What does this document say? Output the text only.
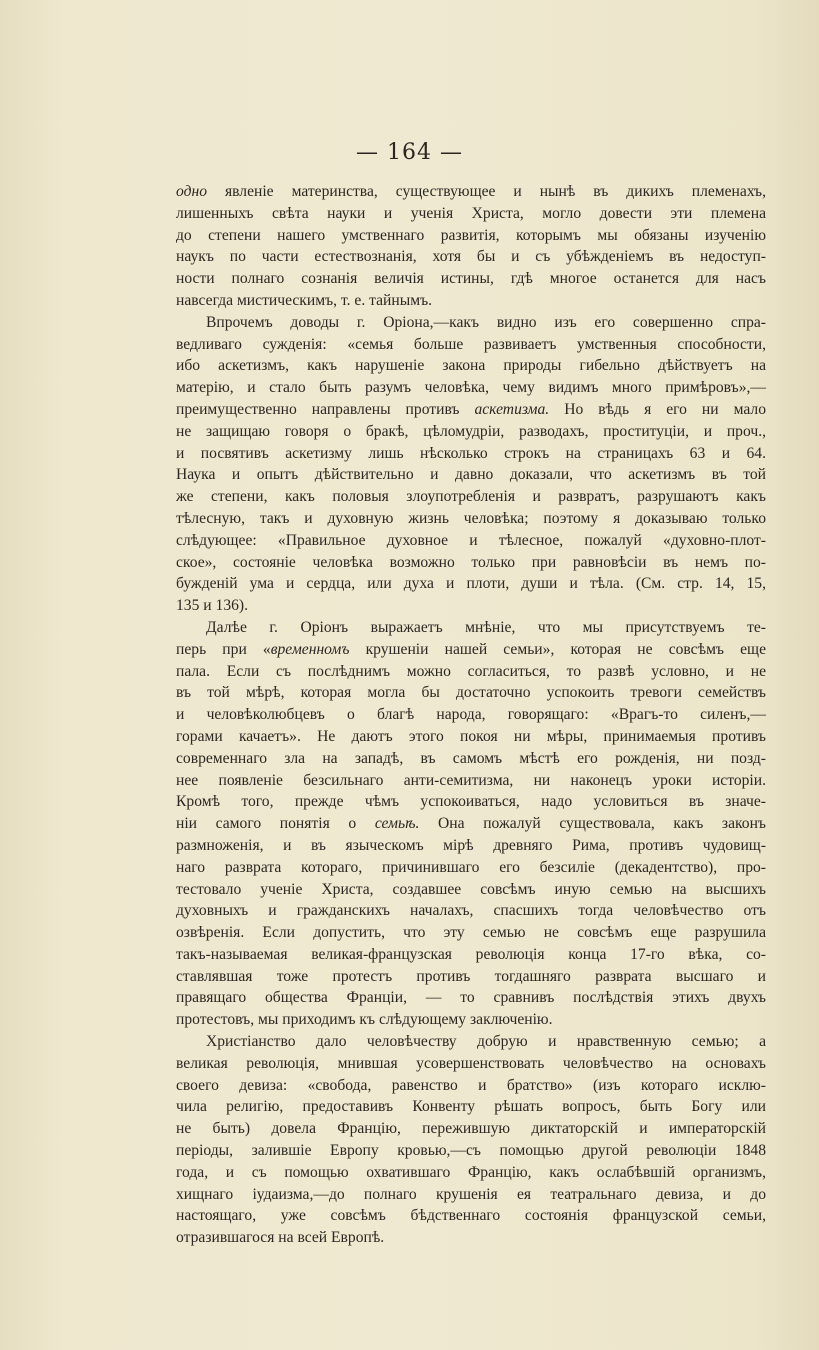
— 164 —
одно явленіе материнства, существующее и нынѣ въ дикихъ племенахъ,
лишенныхъ свѣта науки и ученія Христа, могло довести эти племена
до степени нашего умственнаго развитія, которымъ мы обязаны изученію
наукъ по части естествознанія, хотя бы и съ убѣжденіемъ въ недоступ-
ности полнаго сознанія величія истины, гдѣ многое останется для насъ
навсегда мистическимъ, т. е. тайнымъ.
Впрочемъ доводы г. Оріона,—какъ видно изъ его совершенно спра-
ведливаго сужденія: «семья больше развиваетъ умственныя способности,
ибо аскетизмъ, какъ нарушеніе закона природы гибельно дѣйствуетъ на
матерію, и стало быть разумъ человѣка, чему видимъ много примѣровъ»,—
преимущественно направлены противъ аскетизма. Но вѣдь я его ни мало
не защищаю говоря о бракѣ, цѣломудріи, разводахъ, проституціи, и проч.,
и посвятивъ аскетизму лишь нѣсколько строкъ на страницахъ 63 и 64.
Наука и опытъ дѣйствительно и давно доказали, что аскетизмъ въ той
же степени, какъ половыя злоупотребленія и развратъ, разрушаютъ какъ
тѣлесную, такъ и духовную жизнь человѣка; поэтому я доказываю только
слѣдующее: «Правильное духовное и тѣлесное, пожалуй «духовно-плот-
ское», состояніе человѣка возможно только при равновѣсіи въ немъ по-
бужденій ума и сердца, или духа и плоти, души и тѣла. (См. стр. 14, 15,
135 и 136).
Далѣе г. Оріонъ выражаетъ мнѣніе, что мы присутствуемъ те-
перь при «временномъ крушеніи нашей семьи», которая не совсѣмъ еще
пала. Если съ послѣднимъ можно согласиться, то развѣ условно, и не
въ той мѣрѣ, которая могла бы достаточно успокоить тревоги семействъ
и человѣколюбцевъ о благѣ народа, говорящаго: «Врагъ-то силенъ,—
горами качаетъ». Не даютъ этого покоя ни мѣры, принимаемыя противъ
современнаго зла на западѣ, въ самомъ мѣстѣ его рожденія, ни позд-
нее появленіе безсильнаго анти-семитизма, ни наконецъ уроки исторіи.
Кромѣ того, прежде чѣмъ успокоиваться, надо условиться въ значе-
ніи самого понятія о семьѣ. Она пожалуй существовала, какъ законъ
размноженія, и въ языческомъ мірѣ древняго Рима, противъ чудовищ-
наго разврата котораго, причинившаго его безсиліе (декадентство), про-
тестовало ученіе Христа, создавшее совсѣмъ иную семью на высшихъ
духовныхъ и гражданскихъ началахъ, спасшихъ тогда человѣчество отъ
озвѣренія. Если допустить, что эту семью не совсѣмъ еще разрушила
такъ-называемая великая-французская революція конца 17-го вѣка, со-
ставлявшая тоже протестъ противъ тогдашняго разврата высшаго и
правящаго общества Франціи, — то сравнивъ послѣдствія этихъ двухъ
протестовъ, мы приходимъ къ слѣдующему заключенію.
Христіанство дало человѣчеству добрую и нравственную семью; а
великая революція, мнившая усовершенствовать человѣчество на основахъ
своего девиза: «свобода, равенство и братство» (изъ котораго исклю-
чила религію, предоставивъ Конвенту рѣшать вопросъ, быть Богу или
не быть) довела Францію, пережившую диктаторскій и императорскій
періоды, залившіе Европу кровью,—съ помощью другой революціи 1848
года, и съ помощью охватившаго Францію, какъ ослабѣвшій организмъ,
хищнаго іудаизма,—до полнаго крушенія ея театральнаго девиза, и до
настоящаго, уже совсѣмъ бѣдственнаго состоянія французской семьи,
отразившагося на всей Европѣ.
